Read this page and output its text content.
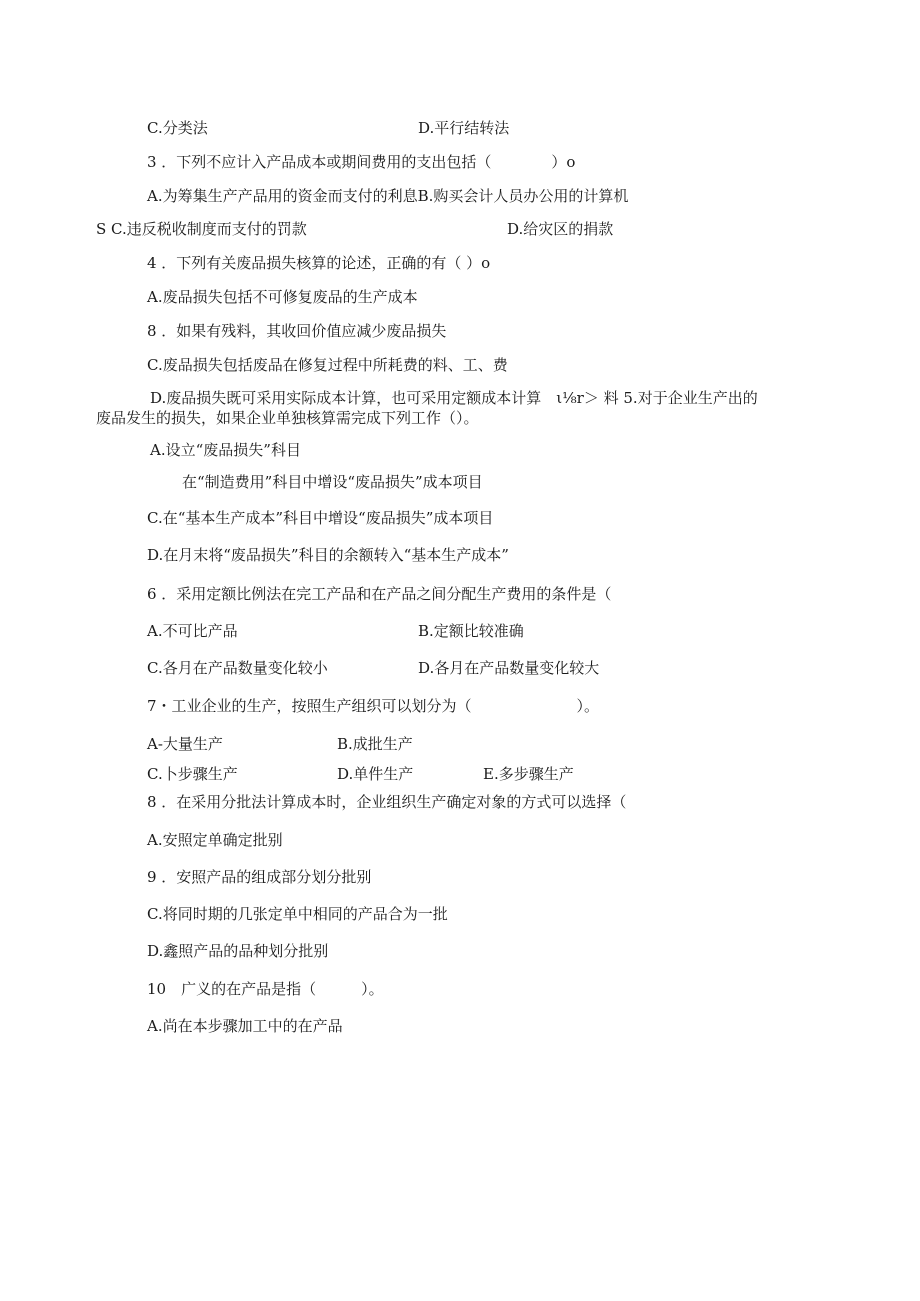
C.分类法	D.平行结转法
3 ．下列不应计入产品成本或期间费用的支出包括（　　　　）o
A.为筹集生产产品用的资金而支付的利息B.购买会计人员办公用的计算机
S C.违反税收制度而支付的罚款	D.给灾区的捐款
4 ．下列有关废品损失核算的论述，正确的有（ ）o
A.废品损失包括不可修复废品的生产成本
8 ．如果有残料，其收回价值应减少废品损失
C.废品损失包括废品在修复过程中所耗费的料、工、费
D.废品损失既可采用实际成本计算，也可采用定额成本计算　ι⅛r＞ 料 5.对于企业生产出的
废品发生的损失，如果企业单独核算需完成下列工作（）。
A.设立“废品损失”科目
在“制造费用”科目中增设“废品损失”成本项目
C.在“基本生产成本”科目中增设“废品损失”成本项目
D.在月末将“废品损失”科目的余额转入“基本生产成本”
6 ．采用定额比例法在完工产品和在产品之间分配生产费用的条件是（
A.不可比产品	B.定额比较准确
C.各月在产品数量变化较小	D.各月在产品数量变化较大
7・工业企业的生产，按照生产组织可以划分为（　　　　　　　）。
A-大量生产	B.成批生产
C.卜步骤生产	D.单件生产	E.多步骤生产
8 ．在采用分批法计算成本时，企业组织生产确定对象的方式可以选择（
A.安照定单确定批别
9 ．安照产品的组成部分划分批别
C.将同时期的几张定单中相同的产品合为一批
D.鑫照产品的品种划分批别
10　广义的在产品是指（　　　）。
A.尚在本步骤加工中的在产品
